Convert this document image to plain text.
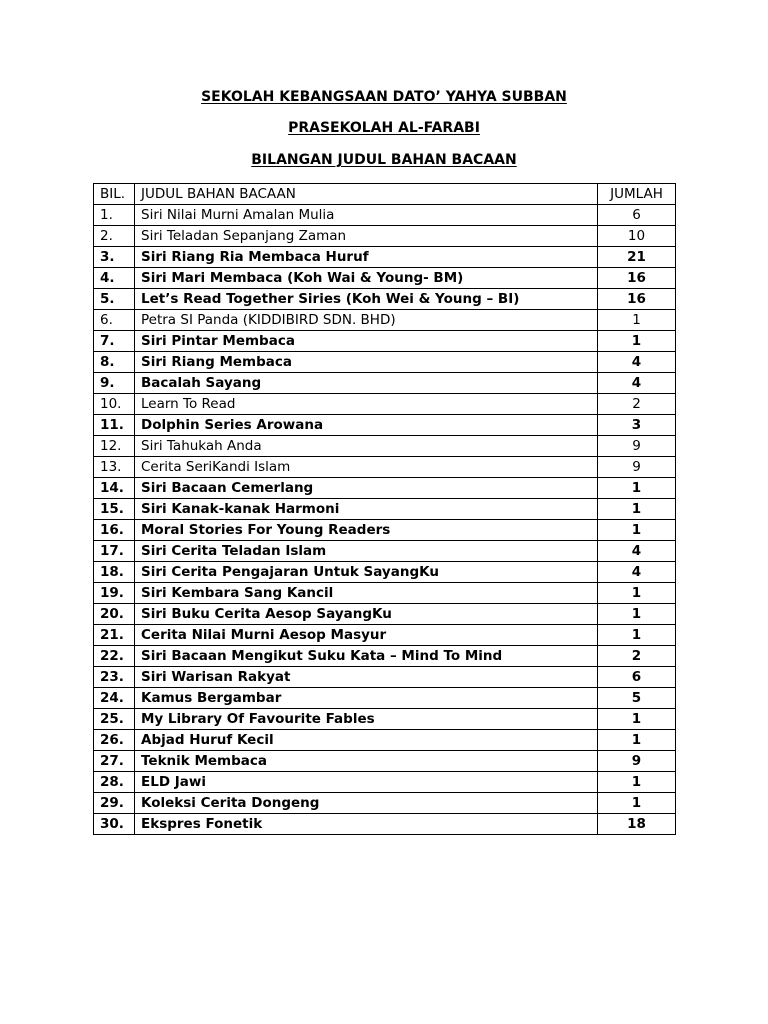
SEKOLAH KEBANGSAAN DATO’ YAHYA SUBBAN
PRASEKOLAH AL-FARABI
BILANGAN JUDUL BAHAN BACAAN
BIL.	JUDUL BAHAN BACAAN	JUMLAH
1.	Siri Nilai Murni Amalan Mulia	6
2.	Siri Teladan Sepanjang Zaman	10
3.	Siri Riang Ria Membaca Huruf	21
4.	Siri Mari Membaca (Koh Wai & Young- BM)	16
5.	Let’s Read Together Siries (Koh Wei & Young – BI)	16
6.	Petra SI Panda (KIDDIBIRD SDN. BHD)	1
7.	Siri Pintar Membaca	1
8.	Siri Riang Membaca	4
9.	Bacalah Sayang	4
10.	Learn To Read	2
11.	Dolphin Series Arowana	3
12.	Siri Tahukah Anda	9
13.	Cerita SeriKandi Islam	9
14.	Siri Bacaan Cemerlang	1
15.	Siri Kanak-kanak Harmoni	1
16.	Moral Stories For Young Readers	1
17.	Siri Cerita Teladan Islam	4
18.	Siri Cerita Pengajaran Untuk SayangKu	4
19.	Siri Kembara Sang Kancil	1
20.	Siri Buku Cerita Aesop SayangKu	1
21.	Cerita Nilai Murni Aesop Masyur	1
22.	Siri Bacaan Mengikut Suku Kata – Mind To Mind	2
23.	Siri Warisan Rakyat	6
24.	Kamus Bergambar	5
25.	My Library Of Favourite Fables	1
26.	Abjad Huruf Kecil	1
27.	Teknik Membaca	9
28.	ELD Jawi	1
29.	Koleksi Cerita Dongeng	1
30.	Ekspres Fonetik	18
